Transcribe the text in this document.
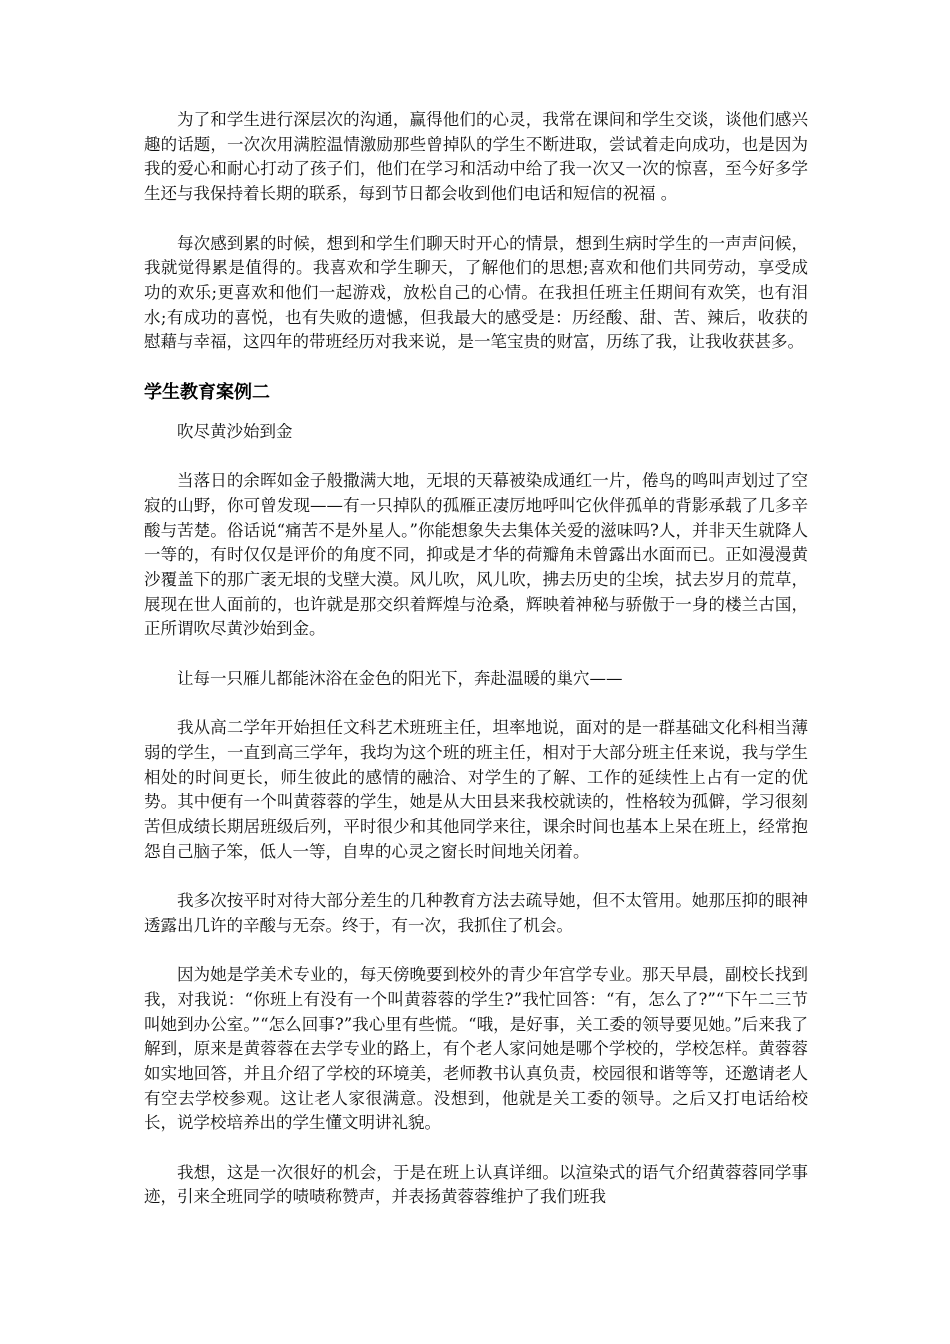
为了和学生进行深层次的沟通，赢得他们的心灵，我常在课间和学生交谈，谈他们感兴趣的话题，一次次用满腔温情激励那些曾掉队的学生不断进取，尝试着走向成功，也是因为我的爱心和耐心打动了孩子们，他们在学习和活动中给了我一次又一次的惊喜，至今好多学生还与我保持着长期的联系，每到节日都会收到他们电话和短信的祝福 。

每次感到累的时候，想到和学生们聊天时开心的情景，想到生病时学生的一声声问候，我就觉得累是值得的。我喜欢和学生聊天，了解他们的思想;喜欢和他们共同劳动，享受成功的欢乐;更喜欢和他们一起游戏，放松自己的心情。在我担任班主任期间有欢笑，也有泪水;有成功的喜悦，也有失败的遗憾，但我最大的感受是：历经酸、甜、苦、辣后，收获的慰藉与幸福，这四年的带班经历对我来说，是一笔宝贵的财富，历练了我，让我收获甚多。

学生教育案例二

吹尽黄沙始到金

当落日的余晖如金子般撒满大地，无垠的天幕被染成通红一片，倦鸟的鸣叫声划过了空寂的山野，你可曾发现——有一只掉队的孤雁正凄厉地呼叫它伙伴孤单的背影承载了几多辛酸与苦楚。俗话说“痛苦不是外星人。”你能想象失去集体关爱的滋味吗?人，并非天生就降人一等的，有时仅仅是评价的角度不同，抑或是才华的荷瓣角未曾露出水面而已。正如漫漫黄沙覆盖下的那广袤无垠的戈壁大漠。风儿吹，风儿吹，拂去历史的尘埃，拭去岁月的荒草，展现在世人面前的，也许就是那交织着辉煌与沧桑，辉映着神秘与骄傲于一身的楼兰古国，正所谓吹尽黄沙始到金。

让每一只雁儿都能沐浴在金色的阳光下，奔赴温暖的巢穴——

我从高二学年开始担任文科艺术班班主任，坦率地说，面对的是一群基础文化科相当薄弱的学生，一直到高三学年，我均为这个班的班主任，相对于大部分班主任来说，我与学生相处的时间更长，师生彼此的感情的融洽、对学生的了解、工作的延续性上占有一定的优势。其中便有一个叫黄蓉蓉的学生，她是从大田县来我校就读的，性格较为孤僻，学习很刻苦但成绩长期居班级后列，平时很少和其他同学来往，课余时间也基本上呆在班上，经常抱怨自己脑子笨，低人一等，自卑的心灵之窗长时间地关闭着。

我多次按平时对待大部分差生的几种教育方法去疏导她，但不太管用。她那压抑的眼神透露出几许的辛酸与无奈。终于，有一次，我抓住了机会。

因为她是学美术专业的，每天傍晚要到校外的青少年宫学专业。那天早晨，副校长找到我，对我说：“你班上有没有一个叫黄蓉蓉的学生?”我忙回答：“有，怎么了?”“下午二三节叫她到办公室。”“怎么回事?”我心里有些慌。“哦，是好事，关工委的领导要见她。”后来我了解到，原来是黄蓉蓉在去学专业的路上，有个老人家问她是哪个学校的，学校怎样。黄蓉蓉如实地回答，并且介绍了学校的环境美，老师教书认真负责，校园很和谐等等，还邀请老人有空去学校参观。这让老人家很满意。没想到，他就是关工委的领导。之后又打电话给校长，说学校培养出的学生懂文明讲礼貌。

我想，这是一次很好的机会，于是在班上认真详细。以渲染式的语气介绍黄蓉蓉同学事迹，引来全班同学的啧啧称赞声，并表扬黄蓉蓉维护了我们班我
